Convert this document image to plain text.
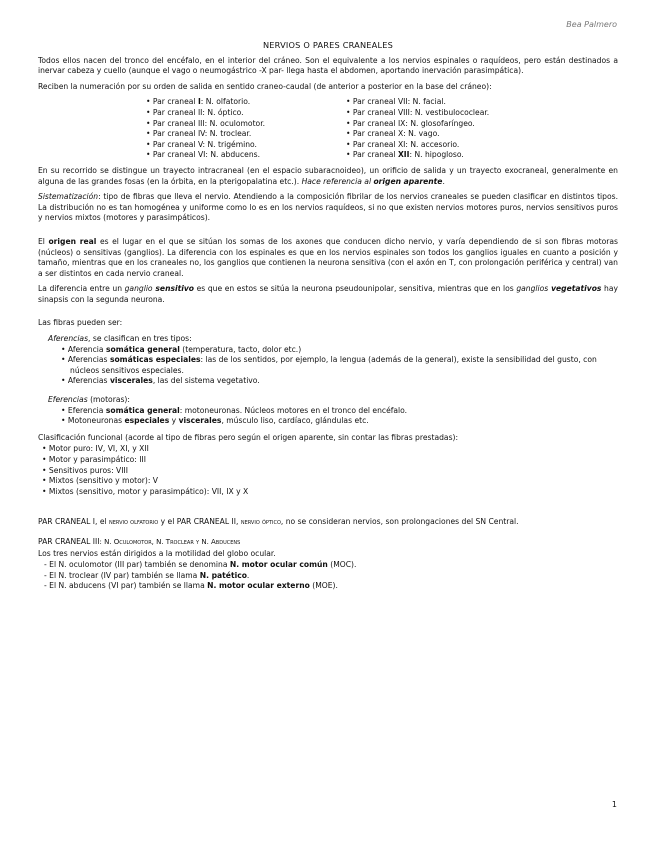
Bea Palmero
NERVIOS O PARES CRANEALES

Todos ellos nacen del tronco del encéfalo, en el interior del cráneo. Son el equivalente a los nervios espinales o raquídeos, pero están destinados a inervar cabeza y cuello (aunque el vago o neumogástrico -X par- llega hasta el abdomen, aportando inervación parasimpática).

Reciben la numeración por su orden de salida en sentido craneo-caudal (de anterior a posterior en la base del cráneo):

• Par craneal I: N. olfatorio.
• Par craneal II: N. óptico.
• Par craneal III: N. oculomotor.
• Par craneal IV: N. troclear.
• Par craneal V: N. trigémino.
• Par craneal VI: N. abducens.
• Par craneal VII: N. facial.
• Par craneal VIII: N. vestibulococlear.
• Par craneal IX: N. glosofaríngeo.
• Par craneal X: N. vago.
• Par craneal XI: N. accesorio.
• Par craneal XII: N. hipogloso.

En su recorrido se distingue un trayecto intracraneal (en el espacio subaracnoideo), un orificio de salida y un trayecto exocraneal, generalmente en alguna de las grandes fosas (en la órbita, en la pterigopalatina etc.). Hace referencia al origen aparente.

Sistematización: tipo de fibras que lleva el nervio. Atendiendo a la composición fibrilar de los nervios craneales se pueden clasificar en distintos tipos. La distribución no es tan homogénea y uniforme como lo es en los nervios raquídeos, si no que existen nervios motores puros, nervios sensitivos puros y nervios mixtos (motores y parasimpáticos).

El origen real es el lugar en el que se sitúan los somas de los axones que conducen dicho nervio, y varía dependiendo de si son fibras motoras (núcleos) o sensitivas (ganglios). La diferencia con los espinales es que en los nervios espinales son todos los ganglios iguales en cuanto a posición y tamaño, mientras que en los craneales no, los ganglios que contienen la neurona sensitiva (con el axón en T, con prolongación periférica y central) van a ser distintos en cada nervio craneal.

La diferencia entre un ganglio sensitivo es que en estos se sitúa la neurona pseudounipolar, sensitiva, mientras que en los ganglios vegetativos hay sinapsis con la segunda neurona.

Las fibras pueden ser:

Aferencias, se clasifican en tres tipos:
• Aferencia somática general (temperatura, tacto, dolor etc.)
• Aferencias somáticas especiales: las de los sentidos, por ejemplo, la lengua (además de la general), existe la sensibilidad del gusto, con núcleos sensitivos especiales.
• Aferencias viscerales, las del sistema vegetativo.
Eferencias (motoras):
• Eferencia somática general: motoneuronas. Núcleos motores en el tronco del encéfalo.
• Motoneuronas especiales y viscerales, músculo liso, cardíaco, glándulas etc.

Clasificación funcional (acorde al tipo de fibras pero según el origen aparente, sin contar las fibras prestadas):

• Motor puro: IV, VI, XI, y XII
• Motor y parasimpático: III
• Sensitivos puros: VIII
• Mixtos (sensitivo y motor): V
• Mixtos (sensitivo, motor y parasimpático): VII, IX y X

PAR CRANEAL I, el nervio olfatorio y el PAR CRANEAL II, nervio óptico, no se consideran nervios, son prolongaciones del SN Central.

PAR CRANEAL III: N. Oculomotor, N. Troclear y N. Abducens

Los tres nervios están dirigidos a la motilidad del globo ocular.

- El N. oculomotor (III par) también se denomina N. motor ocular común (MOC).
- El N. troclear (IV par) también se llama N. patético.
- El N. abducens (VI par) también se llama N. motor ocular externo (MOE).
1
